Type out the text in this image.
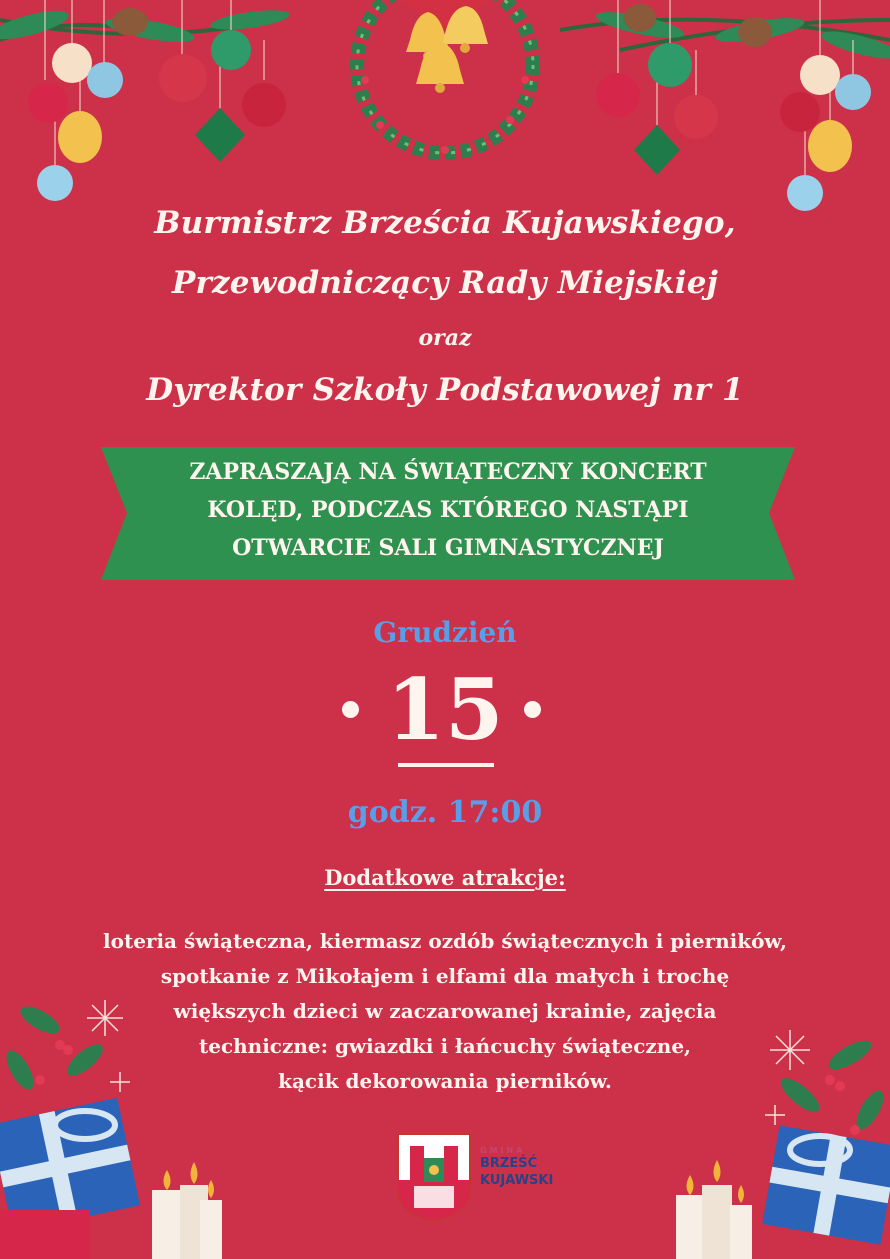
Burmistrz Brześcia Kujawskiego,
Przewodniczący Rady Miejskiej
oraz
Dyrektor Szkoły Podstawowej nr 1
ZAPRASZAJĄ NA ŚWIĄTECZNY KONCERT
KOLĘD, PODCZAS KTÓREGO NASTĄPI
OTWARCIE SALI GIMNASTYCZNEJ
Grudzień
15
godz. 17:00
Dodatkowe atrakcje:
loteria świąteczna, kiermasz ozdób świątecznych i pierników,
spotkanie z Mikołajem i elfami dla małych i trochę
większych dzieci w zaczarowanej krainie, zajęcia
techniczne: gwiazdki i łańcuchy świąteczne,
kącik dekorowania pierników.
GMINA
BRZEŚĆ
KUJAWSKI
